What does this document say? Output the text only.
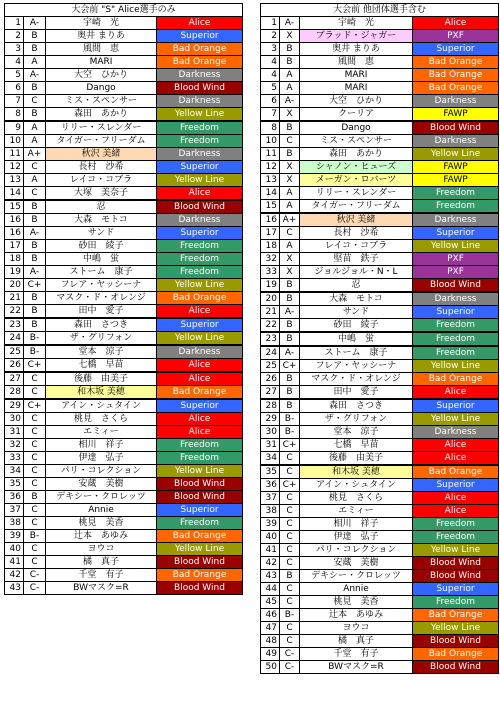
大会前 "S" Alice選手のみ			
1	A-	宇崎　光	Alice
2	B	奥井 まりあ	Superior
3	B	風間　恵	Bad Orange
4	A	MARI	Bad Orange
5	A-	大空　ひかり	Darkness
6	B	Dango	Blood Wind
7	C	ミス・スペンサー	Darkness
8	B	森田　あかり	Yellow Line
9	A	リリー・スレンダー	Freedom
10	A	タイガー・フリーダム	Freedom
11	A+	秋沢 美緒	Darkness
12	C	長村　沙希	Superior
13	A	レイコ・コブラ	Yellow Line
14	C	大塚　美奈子	Alice
15	B	忍	Blood Wind
16	B	大森　モトコ	Darkness
16	A-	サンド	Superior
17	B	砂田　綾子	Freedom
18	B	中嶋　蛍	Freedom
19	A-	ストーム　康子	Freedom
20	C+	フレア・ヤッシーナ	Yellow Line
21	B	マスク・ド・オレンジ	Bad Orange
22	B	田中　愛子	Alice
23	B	森田　さつき	Superior
24	B-	ザ・グリフォン	Yellow Line
25	B-	堂本　涼子	Darkness
26	C+	七橋　早苗	Alice
27	C	後藤　由美子	Alice
28	C	和木坂 美穂	Bad Orange
29	C+	アイン・シュタイン	Superior
30	C	桃見　さくら	Alice
31	C	エミィー	Alice
32	C	相川　祥子	Freedom
33	C	伊達　弘子	Freedom
34	C	パリ・コレクション	Yellow Line
35	C	安蔵　美樹	Blood Wind
36	B	デキシー・クロレッツ	Blood Wind
37	C	Annie	Superior
38	C	桃見　美香	Freedom
39	B-	辻本　あゆみ	Bad Orange
40	C	ヨウコ	Yellow Line
41	C	橘　真子	Blood Wind
42	C-	千堂　有子	Bad Orange
43	C-	BWマスク=R	Blood Wind
大会前 他団体選手含む			
1	A-	宇崎　光	Alice
2	X	ブラッド・ジャガー	PXF
3	B	奥井 まりあ	Superior
4	B	風間　恵	Bad Orange
4	A	MARI	Bad Orange
5	A	MARI	Bad Orange
6	A-	大空　ひかり	Darkness
7	X	クーリア	FAWP
8	B	Dango	Blood Wind
10	C	ミス・スペンサー	Darkness
11	B	森田　あかり	Yellow Line
12	X	シャノン・ヒューズ	FAWP
13	X	メーガン・ロバーツ	FAWP
14	A	リリー・スレンダー	Freedom
15	A	タイガー・フリーダム	Freedom
16	A+	秋沢 美緒	Darkness
17	C	長村　沙希	Superior
18	A	レイコ・コブラ	Yellow Line
32	X	堅苗　鉄子	PXF
33	X	ジョルジョル・N・L	PXF
19	B	忍	Blood Wind
20	B	大森　モトコ	Darkness
21	A-	サンド	Superior
22	B	砂田　綾子	Freedom
23	B	中嶋　蛍	Freedom
24	A-	ストーム　康子	Freedom
25	C+	フレア・ヤッシーナ	Yellow Line
26	B	マスク・ド・オレンジ	Bad Orange
27	B	田中　愛子	Alice
28	B	森田　さつき	Superior
29	B-	ザ・グリフォン	Yellow Line
30	B-	堂本　涼子	Darkness
31	C+	七橋　早苗	Alice
34	C	後藤　由美子	Alice
35	C	和木坂 美穂	Bad Orange
36	C+	アイン・シュタイン	Superior
37	C	桃見　さくら	Alice
38	C	エミィー	Alice
39	C	相川　祥子	Freedom
40	C	伊達　弘子	Freedom
41	C	パリ・コレクション	Yellow Line
42	C	安蔵　美樹	Blood Wind
43	B	デキシー・クロレッツ	Blood Wind
44	C	Annie	Superior
45	C	桃見　美香	Freedom
46	B-	辻本　あゆみ	Bad Orange
47	C	ヨウコ	Yellow Line
48	C	橘　真子	Blood Wind
49	C-	千堂　有子	Bad Orange
50	C-	BWマスク=R	Blood Wind
